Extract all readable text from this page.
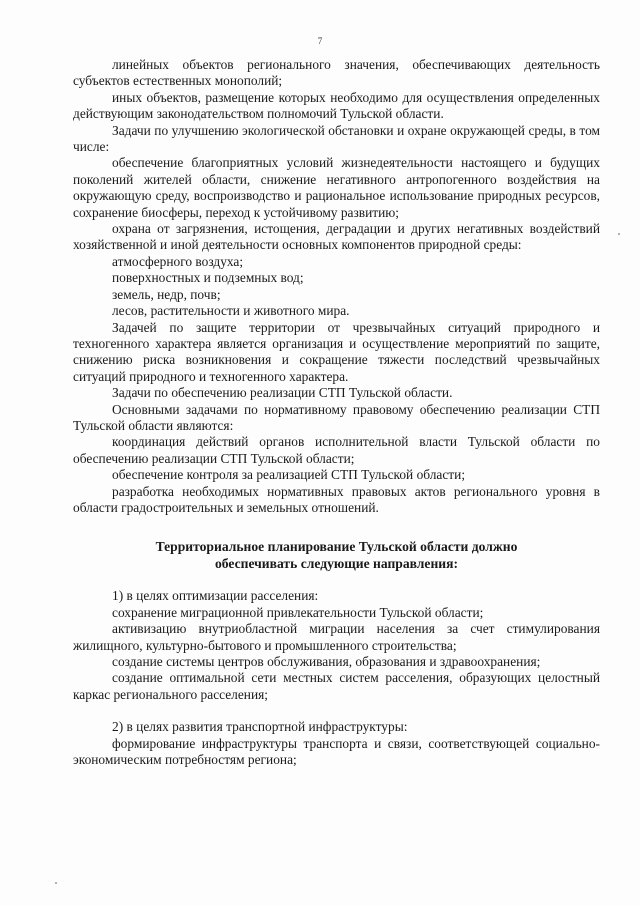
7

линейных объектов регионального значения, обеспечивающих деятельность субъектов естественных монополий;

иных объектов, размещение которых необходимо для осуществления определенных действующим законодательством полномочий Тульской области.

Задачи по улучшению экологической обстановки и охране окружающей среды, в том числе:

обеспечение благоприятных условий жизнедеятельности настоящего и будущих поколений жителей области, снижение негативного антропогенного воздействия на окружающую среду, воспроизводство и рациональное использование природных ресурсов, сохранение биосферы, переход к устойчивому развитию;

охрана от загрязнения, истощения, деградации и других негативных воздействий хозяйственной и иной деятельности основных компонентов природной среды:

атмосферного воздуха;

поверхностных и подземных вод;

земель, недр, почв;

лесов, растительности и животного мира.

Задачей по защите территории от чрезвычайных ситуаций природного и техногенного характера является организация и осуществление мероприятий по защите, снижению риска возникновения и сокращение тяжести последствий чрезвычайных ситуаций природного и техногенного характера.

Задачи по обеспечению реализации СТП Тульской области.

Основными задачами по нормативному правовому обеспечению реализации СТП Тульской области являются:

координация действий органов исполнительной власти Тульской области по обеспечению реализации СТП Тульской области;

обеспечение контроля за реализацией СТП Тульской области;

разработка необходимых нормативных правовых актов регионального уровня в области градостроительных и земельных отношений.

Территориальное планирование Тульской области должно
обеспечивать следующие направления:

1) в целях оптимизации расселения:

сохранение миграционной привлекательности Тульской области;

активизацию внутриобластной миграции населения за счет стимулирования жилищного, культурно-бытового и промышленного строительства;

создание системы центров обслуживания, образования и здравоохранения;

создание оптимальной сети местных систем расселения, образующих целостный каркас регионального расселения;

2) в целях развития транспортной инфраструктуры:

формирование инфраструктуры транспорта и связи, соответствующей социально-экономическим потребностям региона;
